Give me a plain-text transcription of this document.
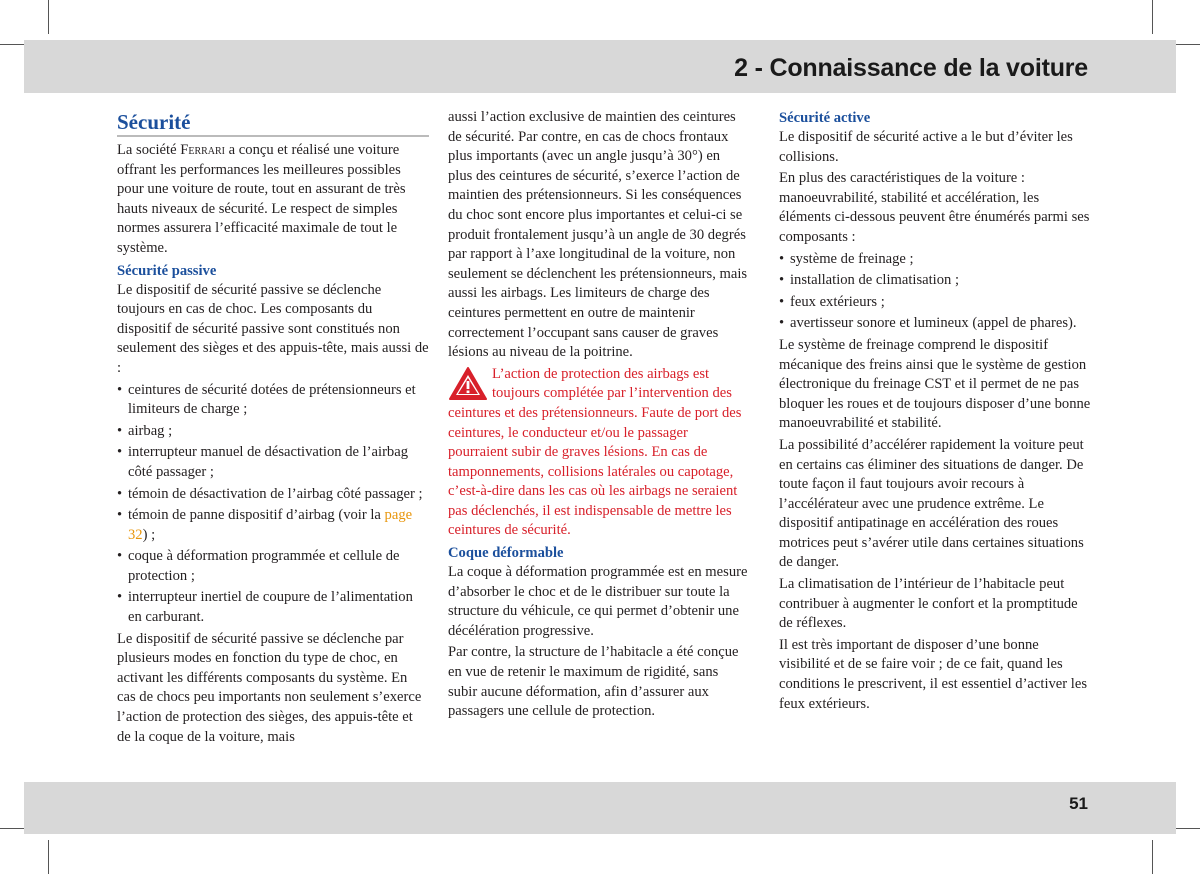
2 - Connaissance de la voiture
Sécurité

La société Ferrari a conçu et réalisé une voiture offrant les performances les meilleures possibles pour une voiture de route, tout en assurant de très hauts niveaux de sécurité. Le respect de simples normes assurera l’efficacité maximale de tout le système.

Sécurité passive

Le dispositif de sécurité passive se déclenche toujours en cas de choc. Les composants du dispositif de sécurité passive sont constitués non seulement des sièges et des appuis-tête, mais aussi de :

• ceintures de sécurité dotées de prétensionneurs et limiteurs de charge ;
• airbag ;
• interrupteur manuel de désactivation de l’airbag côté passager ;
• témoin de désactivation de l’airbag côté passager ;
• témoin de panne dispositif d’airbag (voir la page 32) ;
• coque à déformation programmée et cellule de protection ;
• interrupteur inertiel de coupure de l’alimentation en carburant.

Le dispositif de sécurité passive se déclenche par plusieurs modes en fonction du type de choc, en activant les différents composants du système. En cas de chocs peu importants non seulement s’exerce l’action de protection des sièges, des appuis-tête et de la coque de la voiture, mais

aussi l’action exclusive de maintien des ceintures de sécurité. Par contre, en cas de chocs frontaux plus importants (avec un angle jusqu’à 30°) en plus des ceintures de sécurité, s’exerce l’action de maintien des prétensionneurs. Si les conséquences du choc sont encore plus importantes et celui-ci se produit frontalement jusqu’à un angle de 30 degrés par rapport à l’axe longitudinal de la voiture, non seulement se déclenchent les prétensionneurs, mais aussi les airbags. Les limiteurs de charge des ceintures permettent en outre de maintenir correctement l’occupant sans causer de graves lésions au niveau de la poitrine.

L’action de protection des airbags est toujours complétée par l’intervention des ceintures et des prétensionneurs. Faute de port des ceintures, le conducteur et/ou le passager pourraient subir de graves lésions. En cas de tamponnements, collisions latérales ou capotage, c’est-à-dire dans les cas où les airbags ne seraient pas déclenchés, il est indispensable de mettre les ceintures de sécurité.

Coque déformable

La coque à déformation programmée est en mesure d’absorber le choc et de le distribuer sur toute la structure du véhicule, ce qui permet d’obtenir une décélération progressive.

Par contre, la structure de l’habitacle a été conçue en vue de retenir le maximum de rigidité, sans subir aucune déformation, afin d’assurer aux passagers une cellule de protection.

Sécurité active

Le dispositif de sécurité active a le but d’éviter les collisions.

En plus des caractéristiques de la voiture : manoeuvrabilité, stabilité et accélération, les éléments ci-dessous peuvent être énumérés parmi ses composants :

• système de freinage ;
• installation de climatisation ;
• feux extérieurs ;
• avertisseur sonore et lumineux (appel de phares).

Le système de freinage comprend le dispositif mécanique des freins ainsi que le système de gestion électronique du freinage CST et il permet de ne pas bloquer les roues et de toujours disposer d’une bonne manoeuvrabilité et stabilité.

La possibilité d’accélérer rapidement la voiture peut en certains cas éliminer des situations de danger. De toute façon il faut toujours avoir recours à l’accélérateur avec une prudence extrême. Le dispositif antipatinage en accélération des roues motrices peut s’avérer utile dans certaines situations de danger.

La climatisation de l’intérieur de l’habitacle peut contribuer à augmenter le confort et la promptitude de réflexes.

Il est très important de disposer d’une bonne visibilité et de se faire voir ; de ce fait, quand les conditions le prescrivent, il est essentiel d’activer les feux extérieurs.

51
